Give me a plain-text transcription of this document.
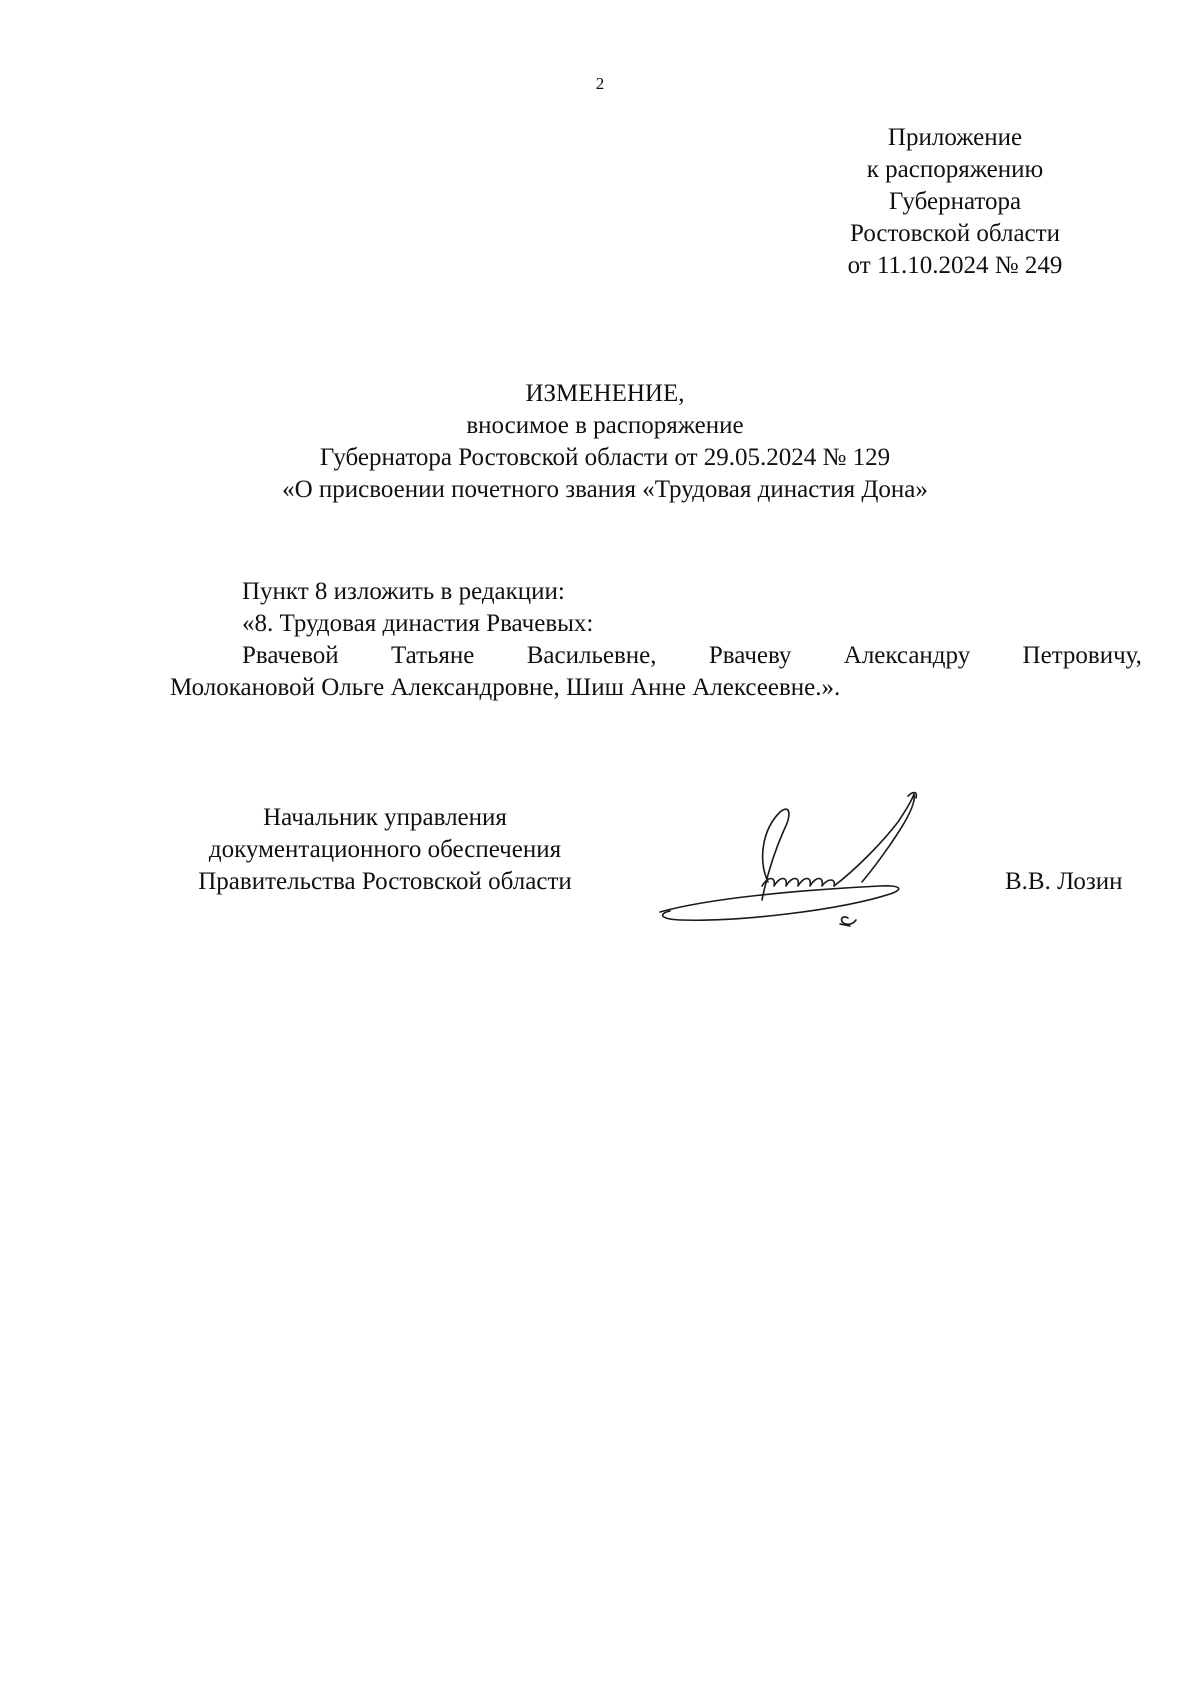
2
Приложение
к распоряжению
Губернатора
Ростовской области
от 11.10.2024 № 249
ИЗМЕНЕНИЕ,
вносимое в распоряжение
Губернатора Ростовской области от 29.05.2024 № 129
«О присвоении почетного звания «Трудовая династия Дона»
Пункт 8 изложить в редакции:
«8. Трудовая династия Рвачевых:
Рвачевой Татьяне Васильевне, Рвачеву Александру Петровичу,
Молокановой Ольге Александровне, Шиш Анне Алексеевне.».
Начальник управления
документационного обеспечения
Правительства Ростовской области	В.В. Лозин
